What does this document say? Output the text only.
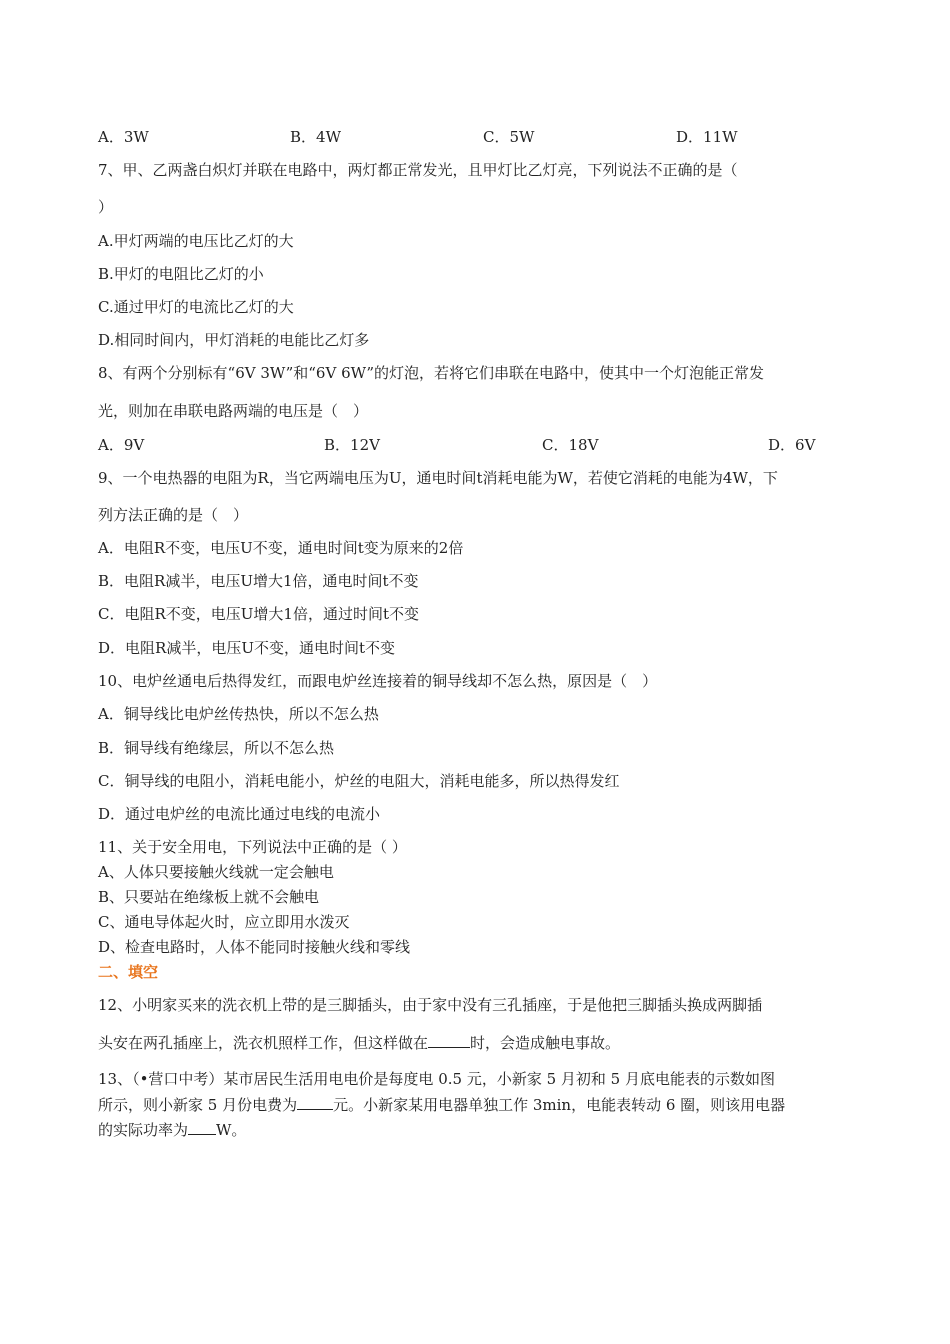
A．3W	B．4W	C．5W	D．11W
7、甲、乙两盏白炽灯并联在电路中，两灯都正常发光，且甲灯比乙灯亮，下列说法不正确的是（
）
A.甲灯两端的电压比乙灯的大
B.甲灯的电阻比乙灯的小
C.通过甲灯的电流比乙灯的大
D.相同时间内，甲灯消耗的电能比乙灯多
8、有两个分别标有“6V 3W”和“6V 6W”的灯泡，若将它们串联在电路中，使其中一个灯泡能正常发
光，则加在串联电路两端的电压是（　）
A．9V	B．12V	C．18V	D．6V
9、一个电热器的电阻为R，当它两端电压为U，通电时间t消耗电能为W，若使它消耗的电能为4W，下
列方法正确的是（　）
A．电阻R不变，电压U不变，通电时间t变为原来的2倍
B．电阻R减半，电压U增大1倍，通电时间t不变
C．电阻R不变，电压U增大1倍，通过时间t不变
D．电阻R减半，电压U不变，通电时间t不变
10、电炉丝通电后热得发红，而跟电炉丝连接着的铜导线却不怎么热，原因是（　）
A．铜导线比电炉丝传热快，所以不怎么热
B．铜导线有绝缘层，所以不怎么热
C．铜导线的电阻小，消耗电能小，炉丝的电阻大，消耗电能多，所以热得发红
D．通过电炉丝的电流比通过电线的电流小
11、关于安全用电，下列说法中正确的是（ ）
A、人体只要接触火线就一定会触电
B、只要站在绝缘板上就不会触电
C、通电导体起火时，应立即用水泼灭
D、检查电路时，人体不能同时接触火线和零线
二、填空
12、小明家买来的洗衣机上带的是三脚插头，由于家中没有三孔插座，于是他把三脚插头换成两脚插
头安在两孔插座上，洗衣机照样工作，但这样做在	时，会造成触电事故。
13、（•营口中考）某市居民生活用电电价是每度电 0.5 元，小新家 5 月初和 5 月底电能表的示数如图
所示，则小新家 5 月份电费为 元。小新家某用电器单独工作 3min，电能表转动 6 圈，则该用电器
的实际功率为 W。
